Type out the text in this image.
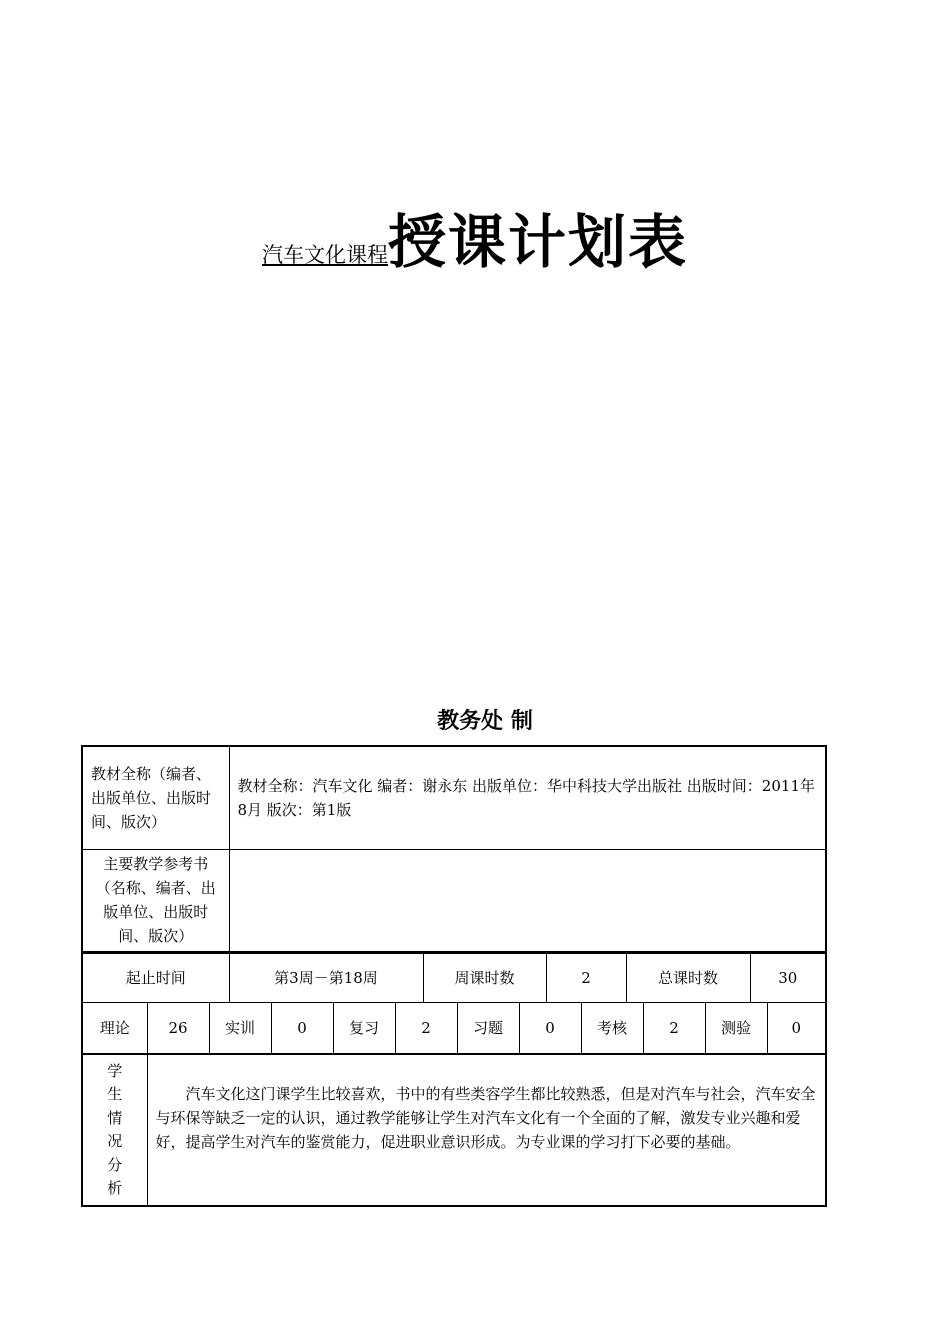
汽车文化课程授课计划表
教务处 制
教材全称（编者、出版单位、出版时间、版次）	教材全称：汽车文化 编者：谢永东 出版单位：华中科技大学出版社 出版时间：2011年8月 版次：第1版
主要教学参考书（名称、编者、出版单位、出版时间、版次）	
起止时间	第3周－第18周	周课时数	2	总课时数	30

理论	26	实训	0	复习	2	习题	0	考核	2	测验	0
学
生
情
况
分
析
	汽车文化这门课学生比较喜欢，书中的有些类容学生都比较熟悉，但是对汽车与社会，汽车安全与环保等缺乏一定的认识，通过教学能够让学生对汽车文化有一个全面的了解，激发专业兴趣和爱好，提高学生对汽车的鉴赏能力，促进职业意识形成。为专业课的学习打下必要的基础。
